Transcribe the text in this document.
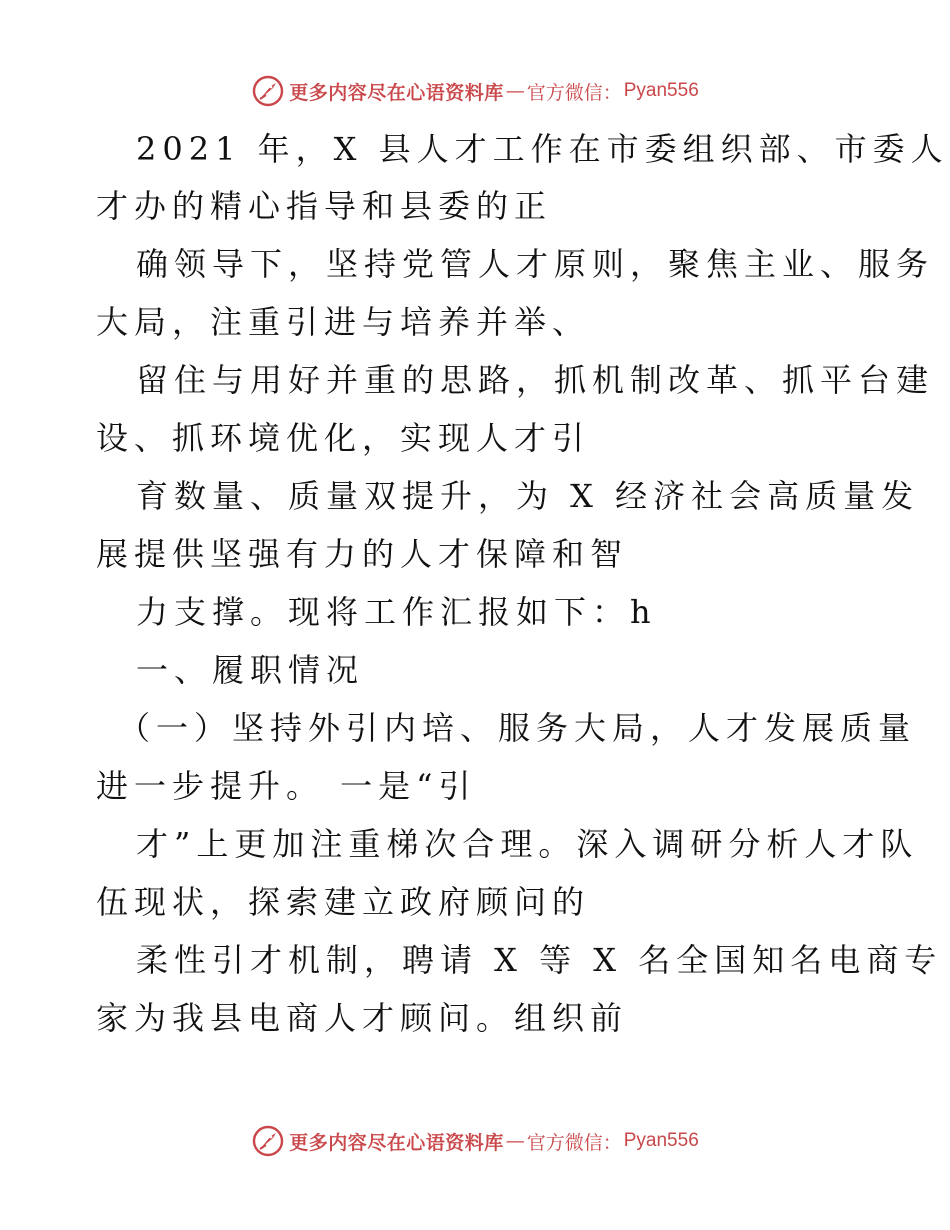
更多内容尽在心语资料库 — 官方微信： Pyan556
2021 年，X 县人才工作在市委组织部、市委人
才办的精心指导和县委的正
确领导下，坚持党管人才原则，聚焦主业、服务
大局，注重引进与培养并举、
留住与用好并重的思路，抓机制改革、抓平台建
设、抓环境优化，实现人才引
育数量、质量双提升，为 X 经济社会高质量发
展提供坚强有力的人才保障和智
力支撑。现将工作汇报如下：h
一、履职情况
（一）坚持外引内培、服务大局，人才发展质量
进一步提升。 一是“引
才”上更加注重梯次合理。深入调研分析人才队
伍现状，探索建立政府顾问的
柔性引才机制，聘请 X 等 X 名全国知名电商专
家为我县电商人才顾问。组织前
更多内容尽在心语资料库 — 官方微信： Pyan556
